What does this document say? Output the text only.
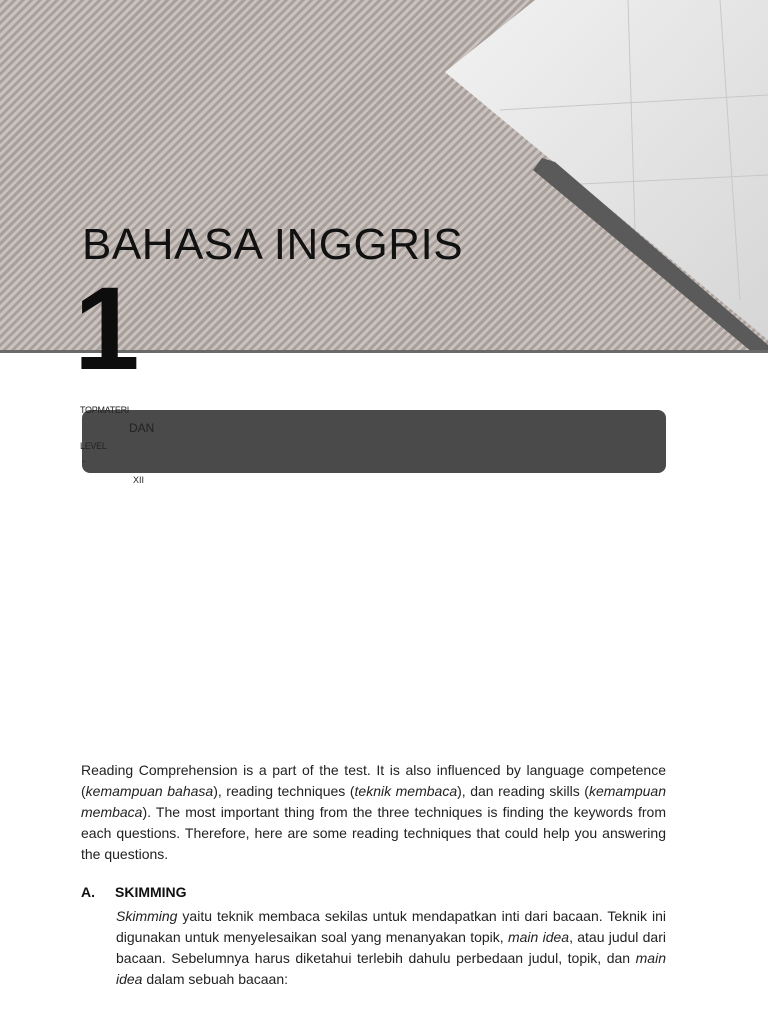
BAHASA INGGRIS
1
TOPMATERI
DAN
LEVEL
-
XII

Reading Comprehension is a part of the test. It is also influenced by language competence (kemampuan bahasa), reading techniques (teknik membaca), dan reading skills (kemampuan membaca). The most important thing from the three techniques is finding the keywords from each questions. Therefore, here are some reading techniques that could help you answering the questions.

A. SKIMMING

Skimming yaitu teknik membaca sekilas untuk mendapatkan inti dari bacaan. Teknik ini digunakan untuk menyelesaikan soal yang menanyakan topik, main idea, atau judul dari bacaan. Sebelumnya harus diketahui terlebih dahulu perbedaan judul, topik, dan main idea dalam sebuah bacaan:
